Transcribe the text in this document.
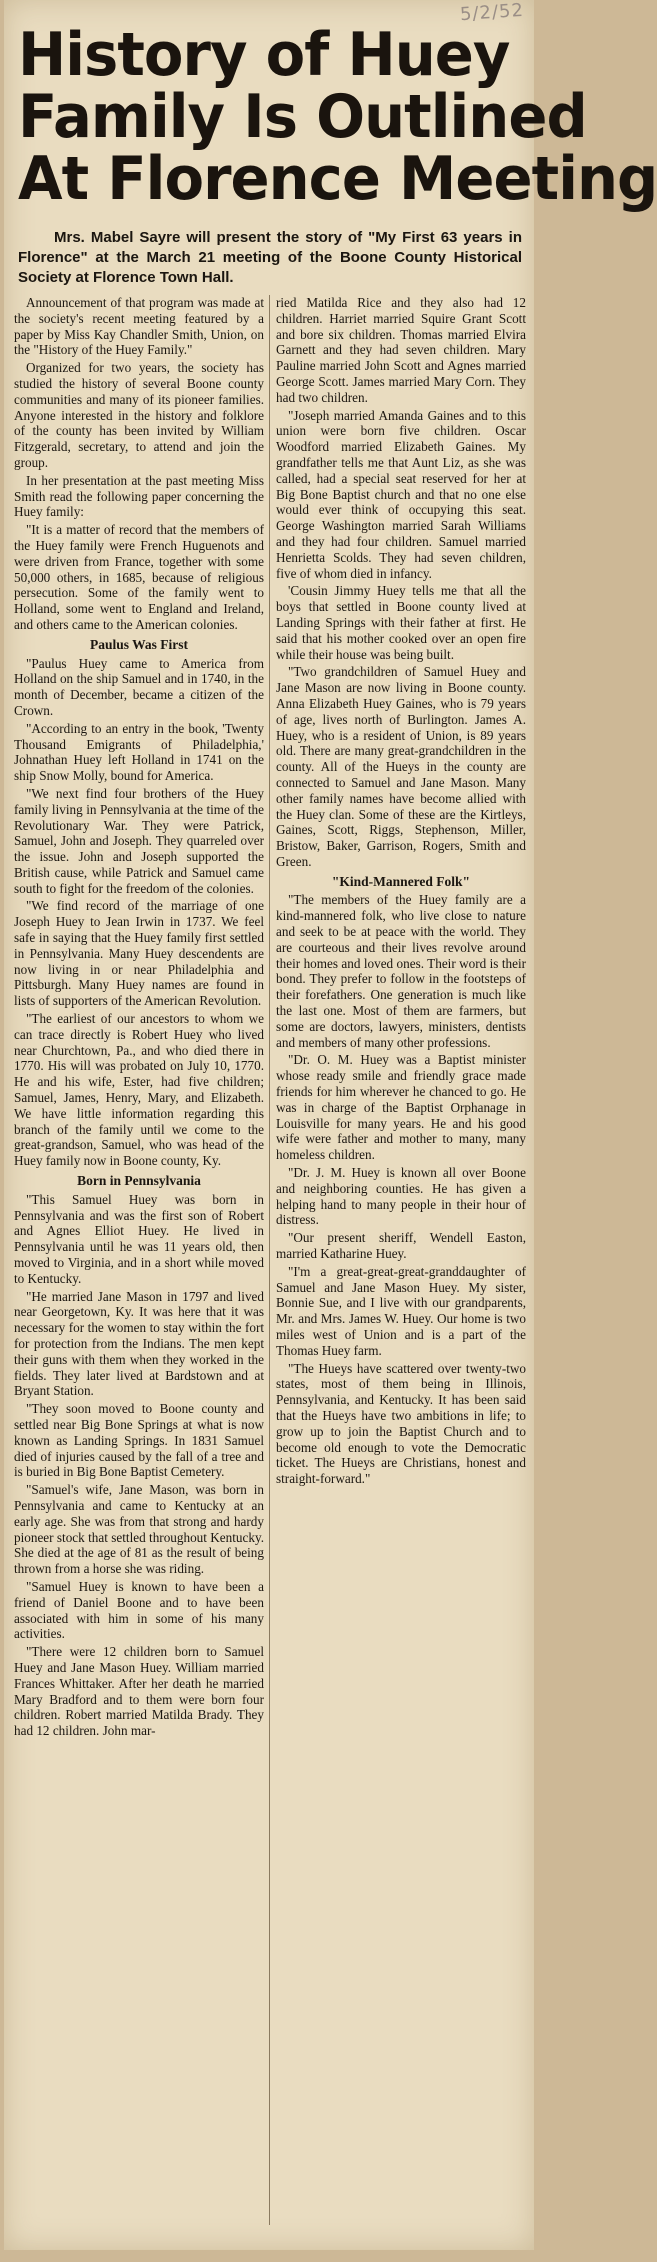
5/2/52
History of Huey
Family Is Outlined
At Florence Meeting
Mrs. Mabel Sayre will present the story of "My First 63 years in Florence" at the March 21 meeting of the Boone County Historical Society at Florence Town Hall.

Announcement of that program was made at the society's recent meeting featured by a paper by Miss Kay Chandler Smith, Union, on the "History of the Huey Family."

Organized for two years, the society has studied the history of several Boone county communities and many of its pioneer families. Anyone interested in the history and folklore of the county has been invited by William Fitzgerald, secretary, to attend and join the group.

In her presentation at the past meeting Miss Smith read the following paper concerning the Huey family:

"It is a matter of record that the members of the Huey family were French Huguenots and were driven from France, together with some 50,000 others, in 1685, because of religious persecution. Some of the family went to Holland, some went to England and Ireland, and others came to the American colonies.

Paulus Was First

"Paulus Huey came to America from Holland on the ship Samuel and in 1740, in the month of December, became a citizen of the Crown.

"According to an entry in the book, 'Twenty Thousand Emigrants of Philadelphia,' Johnathan Huey left Holland in 1741 on the ship Snow Molly, bound for America.

"We next find four brothers of the Huey family living in Pennsylvania at the time of the Revolutionary War. They were Patrick, Samuel, John and Joseph. They quarreled over the issue. John and Joseph supported the British cause, while Patrick and Samuel came south to fight for the freedom of the colonies.

"We find record of the marriage of one Joseph Huey to Jean Irwin in 1737. We feel safe in saying that the Huey family first settled in Pennsylvania. Many Huey descendents are now living in or near Philadelphia and Pittsburgh. Many Huey names are found in lists of supporters of the American Revolution.

"The earliest of our ancestors to whom we can trace directly is Robert Huey who lived near Churchtown, Pa., and who died there in 1770. His will was probated on July 10, 1770. He and his wife, Ester, had five children; Samuel, James, Henry, Mary, and Elizabeth. We have little information regarding this branch of the family until we come to the great-grandson, Samuel, who was head of the Huey family now in Boone county, Ky.

Born in Pennsylvania

"This Samuel Huey was born in Pennsylvania and was the first son of Robert and Agnes Elliot Huey. He lived in Pennsylvania until he was 11 years old, then moved to Virginia, and in a short while moved to Kentucky.

"He married Jane Mason in 1797 and lived near Georgetown, Ky. It was here that it was necessary for the women to stay within the fort for protection from the Indians. The men kept their guns with them when they worked in the fields. They later lived at Bardstown and at Bryant Station.

"They soon moved to Boone county and settled near Big Bone Springs at what is now known as Landing Springs. In 1831 Samuel died of injuries caused by the fall of a tree and is buried in Big Bone Baptist Cemetery.

"Samuel's wife, Jane Mason, was born in Pennsylvania and came to Kentucky at an early age. She was from that strong and hardy pioneer stock that settled throughout Kentucky. She died at the age of 81 as the result of being thrown from a horse she was riding.

"Samuel Huey is known to have been a friend of Daniel Boone and to have been associated with him in some of his many activities.

"There were 12 children born to Samuel Huey and Jane Mason Huey. William married Frances Whittaker. After her death he married Mary Bradford and to them were born four children. Robert married Matilda Brady. They had 12 children. John mar-

ried Matilda Rice and they also had 12 children. Harriet married Squire Grant Scott and bore six children. Thomas married Elvira Garnett and they had seven children. Mary Pauline married John Scott and Agnes married George Scott. James married Mary Corn. They had two children.

"Joseph married Amanda Gaines and to this union were born five children. Oscar Woodford married Elizabeth Gaines. My grandfather tells me that Aunt Liz, as she was called, had a special seat reserved for her at Big Bone Baptist church and that no one else would ever think of occupying this seat. George Washington married Sarah Williams and they had four children. Samuel married Henrietta Scolds. They had seven children, five of whom died in infancy.

'Cousin Jimmy Huey tells me that all the boys that settled in Boone county lived at Landing Springs with their father at first. He said that his mother cooked over an open fire while their house was being built.

"Two grandchildren of Samuel Huey and Jane Mason are now living in Boone county. Anna Elizabeth Huey Gaines, who is 79 years of age, lives north of Burlington. James A. Huey, who is a resident of Union, is 89 years old. There are many great-grandchildren in the county. All of the Hueys in the county are connected to Samuel and Jane Mason. Many other family names have become allied with the Huey clan. Some of these are the Kirtleys, Gaines, Scott, Riggs, Stephenson, Miller, Bristow, Baker, Garrison, Rogers, Smith and Green.

"Kind-Mannered Folk"

"The members of the Huey family are a kind-mannered folk, who live close to nature and seek to be at peace with the world. They are courteous and their lives revolve around their homes and loved ones. Their word is their bond. They prefer to follow in the footsteps of their forefathers. One generation is much like the last one. Most of them are farmers, but some are doctors, lawyers, ministers, dentists and members of many other professions.

"Dr. O. M. Huey was a Baptist minister whose ready smile and friendly grace made friends for him wherever he chanced to go. He was in charge of the Baptist Orphanage in Louisville for many years. He and his good wife were father and mother to many, many homeless children.

"Dr. J. M. Huey is known all over Boone and neighboring counties. He has given a helping hand to many people in their hour of distress.

"Our present sheriff, Wendell Easton, married Katharine Huey.

"I'm a great-great-great-granddaughter of Samuel and Jane Mason Huey. My sister, Bonnie Sue, and I live with our grandparents, Mr. and Mrs. James W. Huey. Our home is two miles west of Union and is a part of the Thomas Huey farm.

"The Hueys have scattered over twenty-two states, most of them being in Illinois, Pennsylvania, and Kentucky. It has been said that the Hueys have two ambitions in life; to grow up to join the Baptist Church and to become old enough to vote the Democratic ticket. The Hueys are Christians, honest and straight-forward."
